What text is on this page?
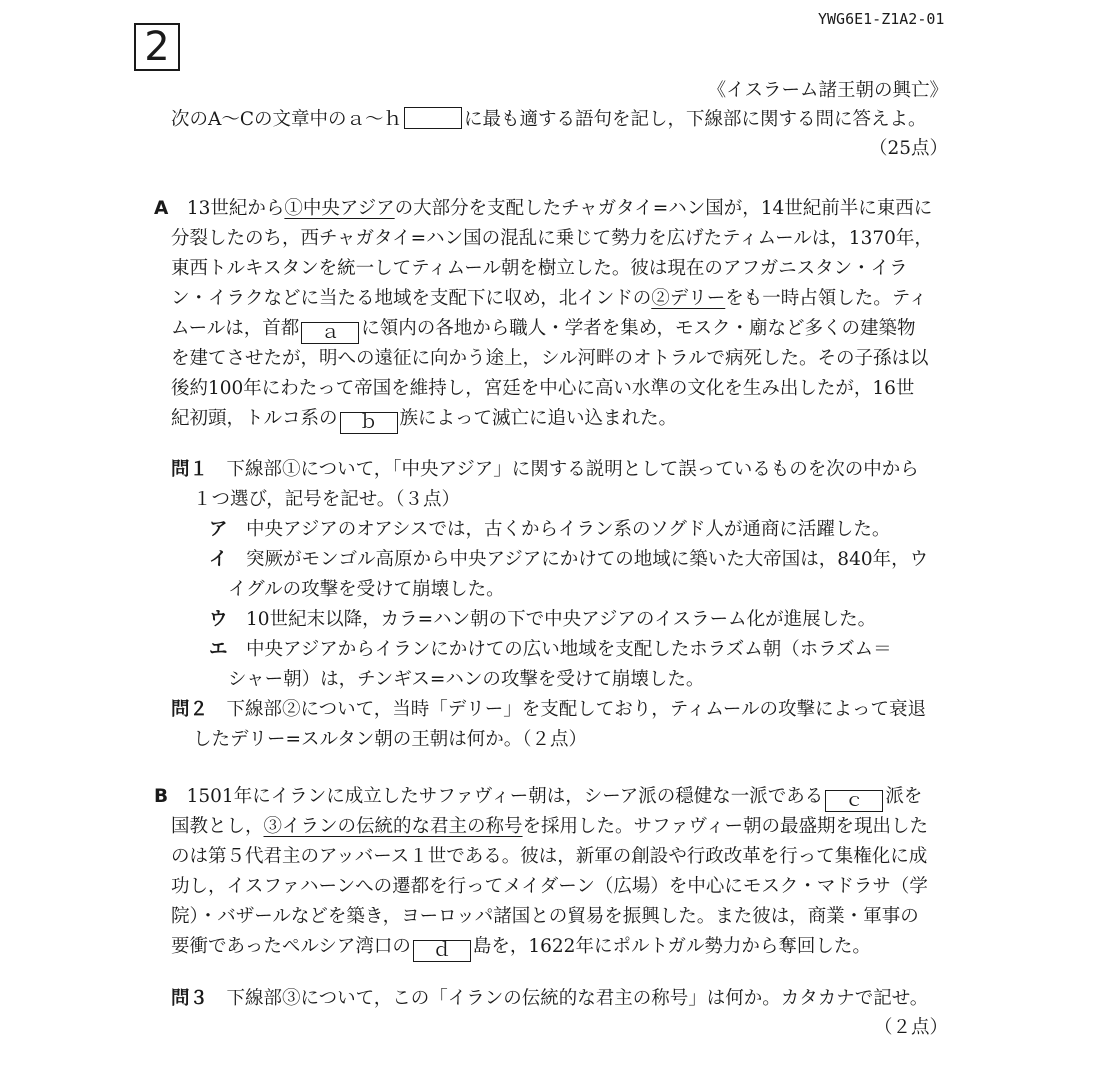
YWG6E1-Z1A2-01
2
《イスラーム諸王朝の興亡》
次のA～Cの文章中のａ～ｈ	に最も適する語句を記し，下線部に関する問に答えよ。
（25点）
A　 13世紀から①中央アジアの大部分を支配したチャガタイ=ハン国が，14世紀前半に東西に
分裂したのち，西チャガタイ=ハン国の混乱に乗じて勢力を広げたティムールは，1370年，
東西トルキスタンを統一してティムール朝を樹立した。彼は現在のアフガニスタン・イラ
ン・イラクなどに当たる地域を支配下に収め，北インドの②デリーをも一時占領した。ティ
ムールは，首都 ａ に領内の各地から職人・学者を集め，モスク・廟など多くの建築物
を建てさせたが，明への遠征に向かう途上，シル河畔のオトラルで病死した。その子孫は以
後約100年にわたって帝国を維持し，宮廷を中心に高い水準の文化を生み出したが，16世
紀初頭，トルコ系の ｂ 族によって滅亡に追い込まれた。
問１　 下線部①について，「中央アジア」に関する説明として誤っているものを次の中から
１つ選び，記号を記せ。（３点）
ア　 中央アジアのオアシスでは，古くからイラン系のソグド人が通商に活躍した。
イ　 突厥がモンゴル高原から中央アジアにかけての地域に築いた大帝国は，840年，ウ
イグルの攻撃を受けて崩壊した。
ウ　 10世紀末以降，カラ=ハン朝の下で中央アジアのイスラーム化が進展した。
エ　 中央アジアからイランにかけての広い地域を支配したホラズム朝（ホラズム＝
シャー朝）は，チンギス=ハンの攻撃を受けて崩壊した。
問２　 下線部②について，当時「デリー」を支配しており，ティムールの攻撃によって衰退
したデリー=スルタン朝の王朝は何か。（２点）
B　 1501年にイランに成立したサファヴィー朝は，シーア派の穏健な一派である ｃ 派を
国教とし，③イランの伝統的な君主の称号を採用した。サファヴィー朝の最盛期を現出した
のは第５代君主のアッバース１世である。彼は，新軍の創設や行政改革を行って集権化に成
功し，イスファハーンへの遷都を行ってメイダーン（広場）を中心にモスク・マドラサ（学
院）・バザールなどを築き，ヨーロッパ諸国との貿易を振興した。また彼は，商業・軍事の
要衝であったペルシア湾口の ｄ 島を，1622年にポルトガル勢力から奪回した。
問３　 下線部③について，この「イランの伝統的な君主の称号」は何か。カタカナで記せ。
（２点）
